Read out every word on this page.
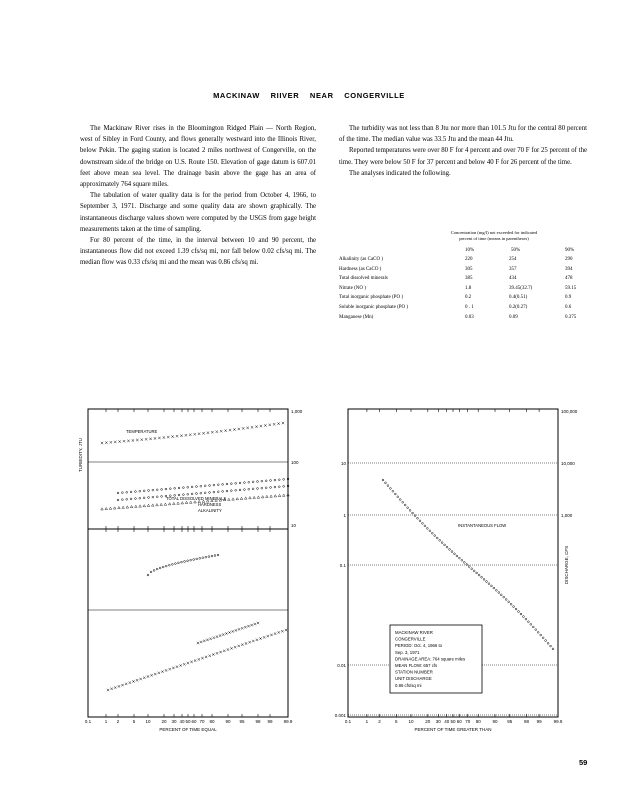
MACKINAW RIIVER NEAR CONGERVILLE

The Mackinaw River rises in the Bloomington Ridged Plain — North Region, west of Sibley in Ford County, and flows generally westward into the Illinois River, below Pekin. The gaging station is located 2 miles northwest of Congerville, on the downstream side.of the bridge on U.S. Route 150. Elevation of gage datum is 607.01 feet above mean sea level. The drainage basin above the gage has an area of approximately 764 square miles.

The tabulation of water quality data is for the period from October 4, 1966, to September 3, 1971. Discharge and some quality data are shown graphically. The instantaneous discharge values shown were computed by the USGS from gage height measurements taken at the time of sampling.

For 80 percent of the time, in the interval between 10 and 90 percent, the instantaneous flow did not exceed 1.39 cfs/sq mi, nor fall below 0.02 cfs/sq mi. The median flow was 0.33 cfs/sq mi and the mean was 0.86 cfs/sq mi.

The turbidity was not less than 8 Jtu nor more than 101.5 Jtu for the central 80 percent of the time. The median value was 33.5 Jtu and the mean 44 Jtu.

Reported temperatures were over 80 F for 4 percent and over 70 F for 25 percent of the time. They were below 50 F for 37 percent and below 40 F for 26 percent of the time.

The analyses indicated the following.

Concentration (mg/l) not exceeded for indicated percent of time (means in parentheses)
10%	50%	90%
Alkalinity (as CaCO )	220	254	290
Hardness (as CaCO )	305	357	394
Total dissolved minerals	385	434	478
Nitrate (NO )	1.8	39.45(32.7)	59.15
Total inorganic phosphate (PO )	0.2	0.4(0.51)	0.9
Soluble inorganic phosphate (PO )	0 . 1	0.2(0.27)	0.6
Manganese (Mn)	0.03	0.09	0.375
1,000
100
10
TURBIDITY, JTU
TEMPERATURE
TOTAL DISSOLVED MINERALS
HARDNESS
ALKALINITY
0.1	1 2	5 10 20 30 40 50 60 70 80 90 95 98 99 99.9
PERCENT OF TIME EQUAL
10
1
0.1
0.01
0.001
100,000
10,000
1,000
DISCHARGE, CFS
INSTANTANEOUS FLOW
MACKINAW RIVER
CONGERVILLE
PERIOD: Oct. 4, 1966 to
Sep. 3, 1971
DRAINAGE AREA: 764 square miles
MEAN FLOW: 657 cfs
STATION NUMBER
UNIT DISCHARGE
0.86 cfs/sq mi
0.1	1 2	5 10	20 30 40 50 60 70 80	90 95	98 99	99.9
PERCENT OF TIME GREATER THAN
59
